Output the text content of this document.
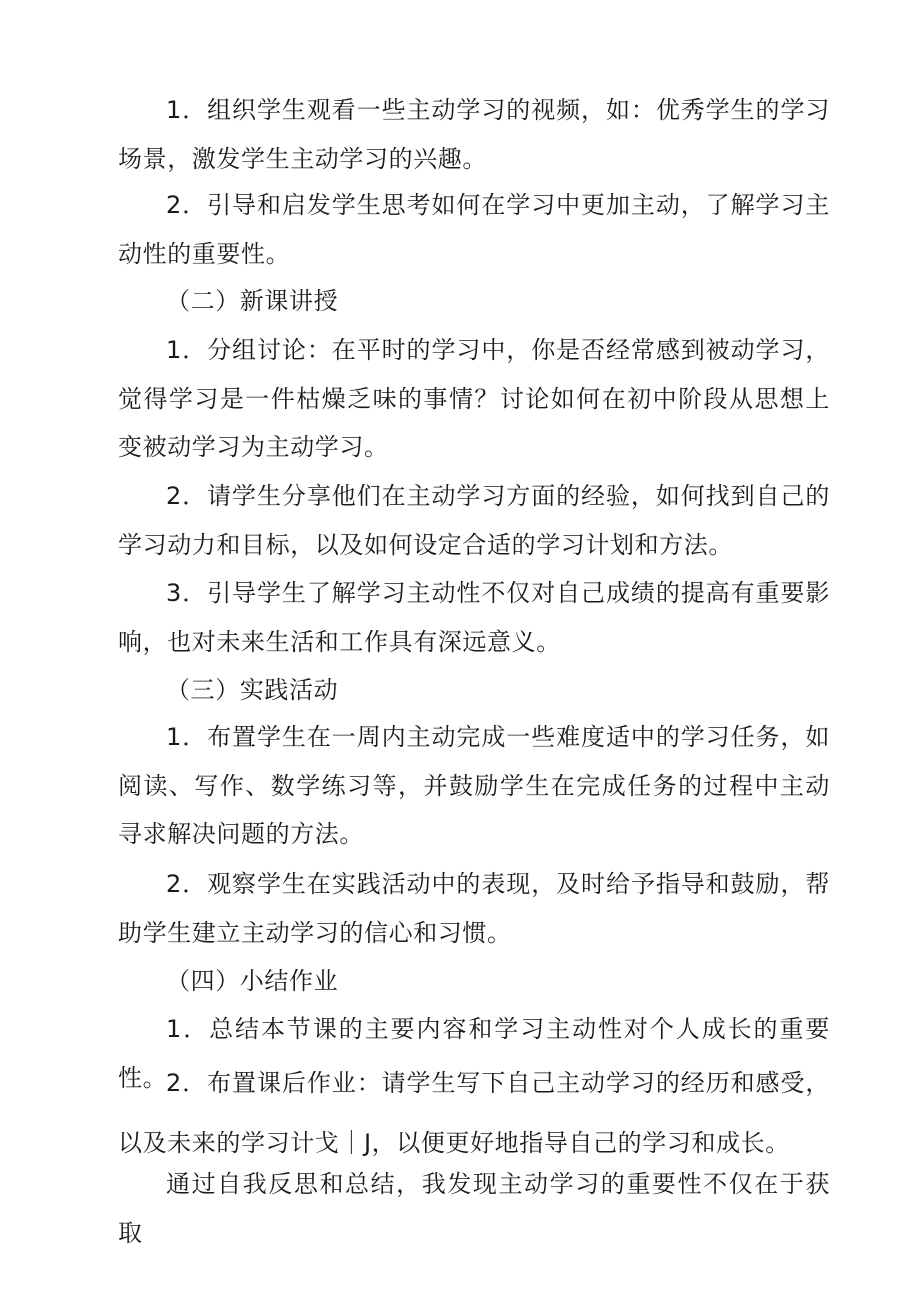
1．组织学生观看一些主动学习的视频，如：优秀学生的学习场景，激发学生主动学习的兴趣。

2．引导和启发学生思考如何在学习中更加主动，了解学习主动性的重要性。

（二）新课讲授

1．分组讨论：在平时的学习中，你是否经常感到被动学习，觉得学习是一件枯燥乏味的事情？讨论如何在初中阶段从思想上变被动学习为主动学习。

2．请学生分享他们在主动学习方面的经验，如何找到自己的学习动力和目标，以及如何设定合适的学习计划和方法。

3．引导学生了解学习主动性不仅对自己成绩的提高有重要影响，也对未来生活和工作具有深远意义。

（三）实践活动

1．布置学生在一周内主动完成一些难度适中的学习任务，如阅读、写作、数学练习等，并鼓励学生在完成任务的过程中主动寻求解决问题的方法。

2．观察学生在实践活动中的表现，及时给予指导和鼓励，帮助学生建立主动学习的信心和习惯。

（四）小结作业

1．总结本节课的主要内容和学习主动性对个人成长的重要性。

2．布置课后作业：请学生写下自己主动学习的经历和感受，以及未来的学习计戈｜J，以便更好地指导自己的学习和成长。

通过自我反思和总结，我发现主动学习的重要性不仅在于获取
